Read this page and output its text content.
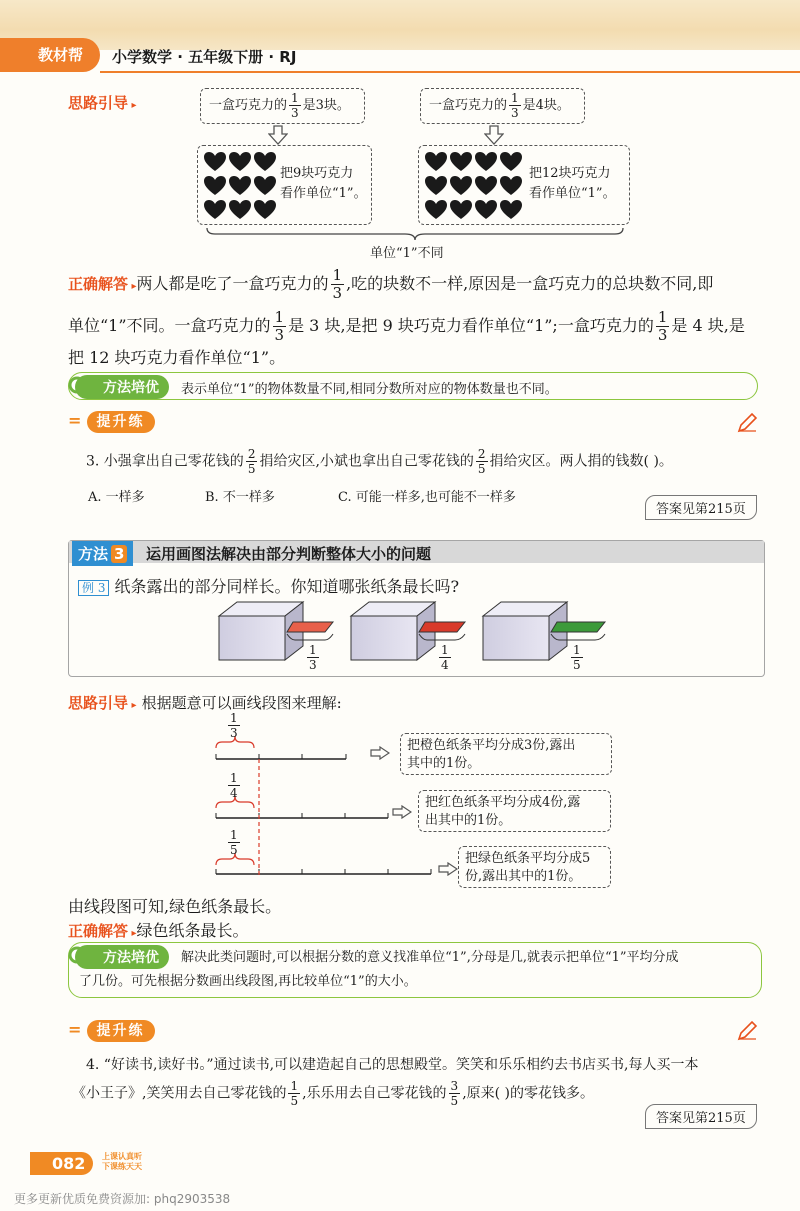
教材帮	小学数学 · 五年级下册 · RJ
思路引导 ▸	一盒巧克力的 $\frac{1}{3}$ 是3块。	一盒巧克力的 $\frac{1}{3}$ 是4块。
把9块巧克力
看作单位“1”。
把12块巧克力
看作单位“1”。
单位“1”不同
正确解答 ▸ 两人都是吃了一盒巧克力的 $\frac{1}{3}$ ,吃的块数不一样,原因是一盒巧克力的总块数不同,即
单位“1”不同。一盒巧克力的 $\frac{1}{3}$ 是 3 块,是把 9 块巧克力看作单位“1”;一盒巧克力的 $\frac{1}{3}$ 是 4 块,是
把 12 块巧克力看作单位“1”。
方法培优	表示单位“1”的物体数量不同,相同分数所对应的物体数量也不同。
= 提升练
3. 小强拿出自己零花钱的 $\frac{2}{5}$ 捐给灾区,小斌也拿出自己零花钱的 $\frac{2}{5}$ 捐给灾区。两人捐的钱数( )。
A. 一样多	B. 不一样多	C. 可能一样多,也可能不一样多
答案见第215页
方法 3	运用画图法解决由部分判断整体大小的问题
例 3 纸条露出的部分同样长。你知道哪张纸条最长吗?
$\frac{1}{3}$	$\frac{1}{4}$	$\frac{1}{5}$
思路引导 ▸ 根据题意可以画线段图来理解:
$\frac{1}{3}$
$\frac{1}{4}$
$\frac{1}{5}$
把橙色纸条平均分成3份,露出
其中的1份。
把红色纸条平均分成4份,露
出其中的1份。
把绿色纸条平均分成5
份,露出其中的1份。
由线段图可知,绿色纸条最长。
正确解答 ▸ 绿色纸条最长。
方法培优	解决此类问题时,可以根据分数的意义找准单位“1”,分母是几,就表示把单位“1”平均分成
了几份。可先根据分数画出线段图,再比较单位“1”的大小。
= 提升练
4. “好读书,读好书。”通过读书,可以建造起自己的思想殿堂。笑笑和乐乐相约去书店买书,每人买一本
《小王子》,笑笑用去自己零花钱的 $\frac{1}{5}$ ,乐乐用去自己零花钱的 $\frac{3}{5}$ ,原来( )的零花钱多。
答案见第215页
082	上课认真听
下课练天天
更多更新优质免费资源加: phq2903538
